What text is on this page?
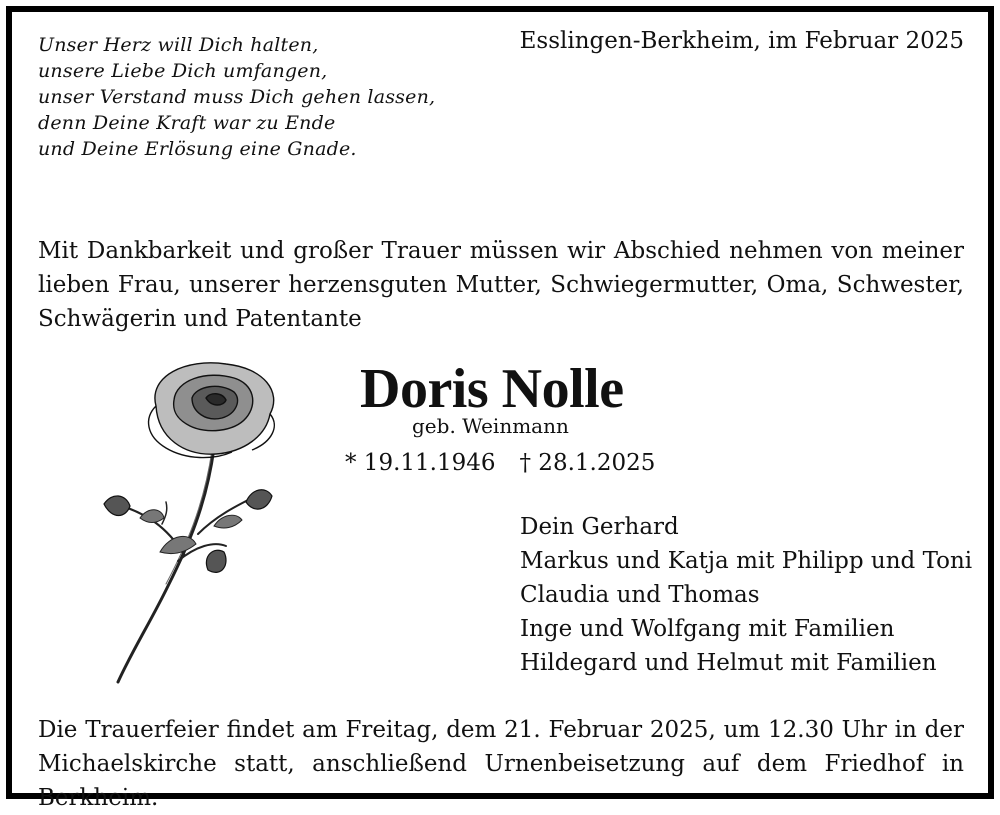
Unser Herz will Dich halten,
unsere Liebe Dich umfangen,
unser Verstand muss Dich gehen lassen,
denn Deine Kraft war zu Ende
und Deine Erlösung eine Gnade.
Esslingen-Berkheim, im Februar 2025
Mit Dankbarkeit und großer Trauer müssen wir Abschied nehmen von meiner lieben Frau, unserer herzensguten Mutter, Schwiegermutter, Oma, Schwester, Schwägerin und Patentante
Doris Nolle
geb. Weinmann
* 19.11.1946 † 28.1.2025
Dein Gerhard
Markus und Katja mit Philipp und Toni
Claudia und Thomas
Inge und Wolfgang mit Familien
Hildegard und Helmut mit Familien
Die Trauerfeier findet am Freitag, dem 21. Februar 2025, um 12.30 Uhr in der Michaelskirche statt, anschließend Urnenbeisetzung auf dem Friedhof in Berkheim.
